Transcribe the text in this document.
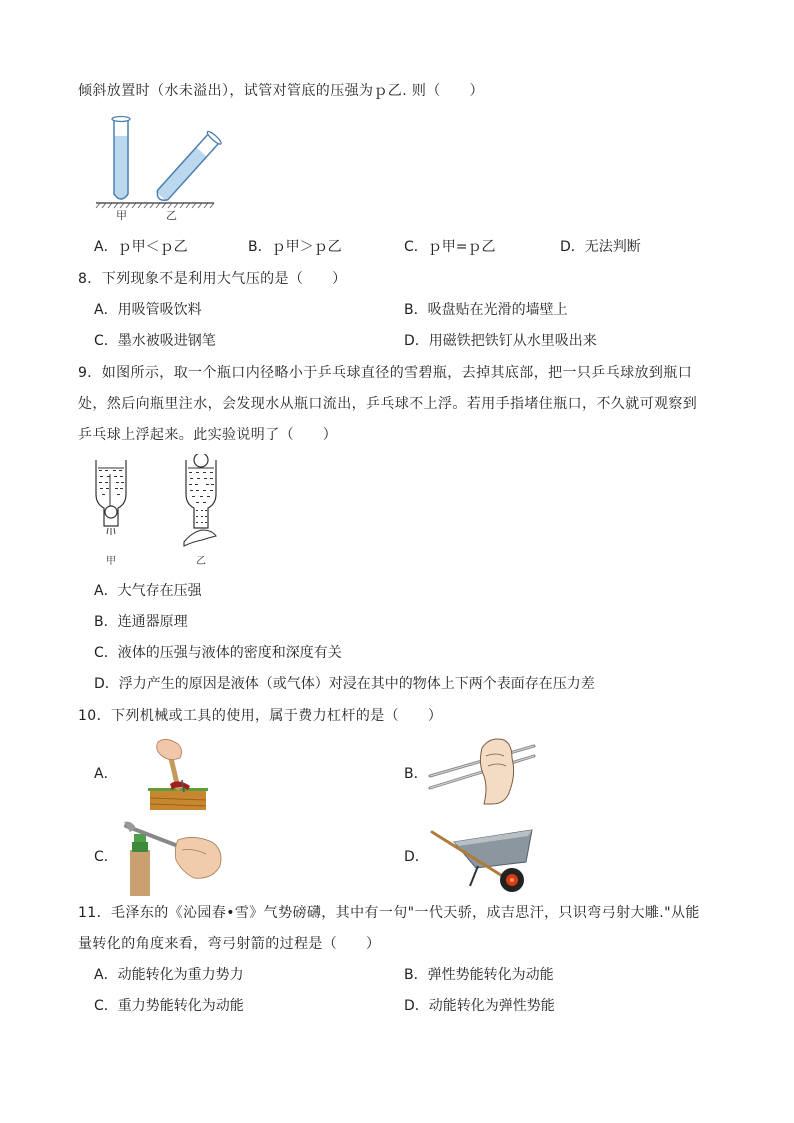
倾斜放置时（水未溢出），试管对管底的压强为ｐ乙. 则（　　）
甲	乙
A．ｐ甲＜ｐ乙	B．ｐ甲＞ｐ乙	C．ｐ甲=ｐ乙	D．无法判断
8．下列现象不是利用大气压的是（　　）
A．用吸管吸饮料	B．吸盘贴在光滑的墙壁上
C．墨水被吸进钢笔	D．用磁铁把铁钉从水里吸出来
9．如图所示，取一个瓶口内径略小于乒乓球直径的雪碧瓶，去掉其底部，把一只乒乓球放到瓶口
处，然后向瓶里注水，会发现水从瓶口流出，乒乓球不上浮。若用手指堵住瓶口，不久就可观察到
乒乓球上浮起来。此实验说明了（　　）
甲	乙
A．大气存在压强
B．连通器原理
C．液体的压强与液体的密度和深度有关
D．浮力产生的原因是液体（或气体）对浸在其中的物体上下两个表面存在压力差
10．下列机械或工具的使用，属于费力杠杆的是（　　）
A．	B．
C．	D．
11．毛泽东的《沁园春•雪》气势磅礴，其中有一句"一代天骄，成吉思汗，只识弯弓射大雕."从能
量转化的角度来看，弯弓射箭的过程是（　　）
A．动能转化为重力势力	B．弹性势能转化为动能
C．重力势能转化为动能	D．动能转化为弹性势能
